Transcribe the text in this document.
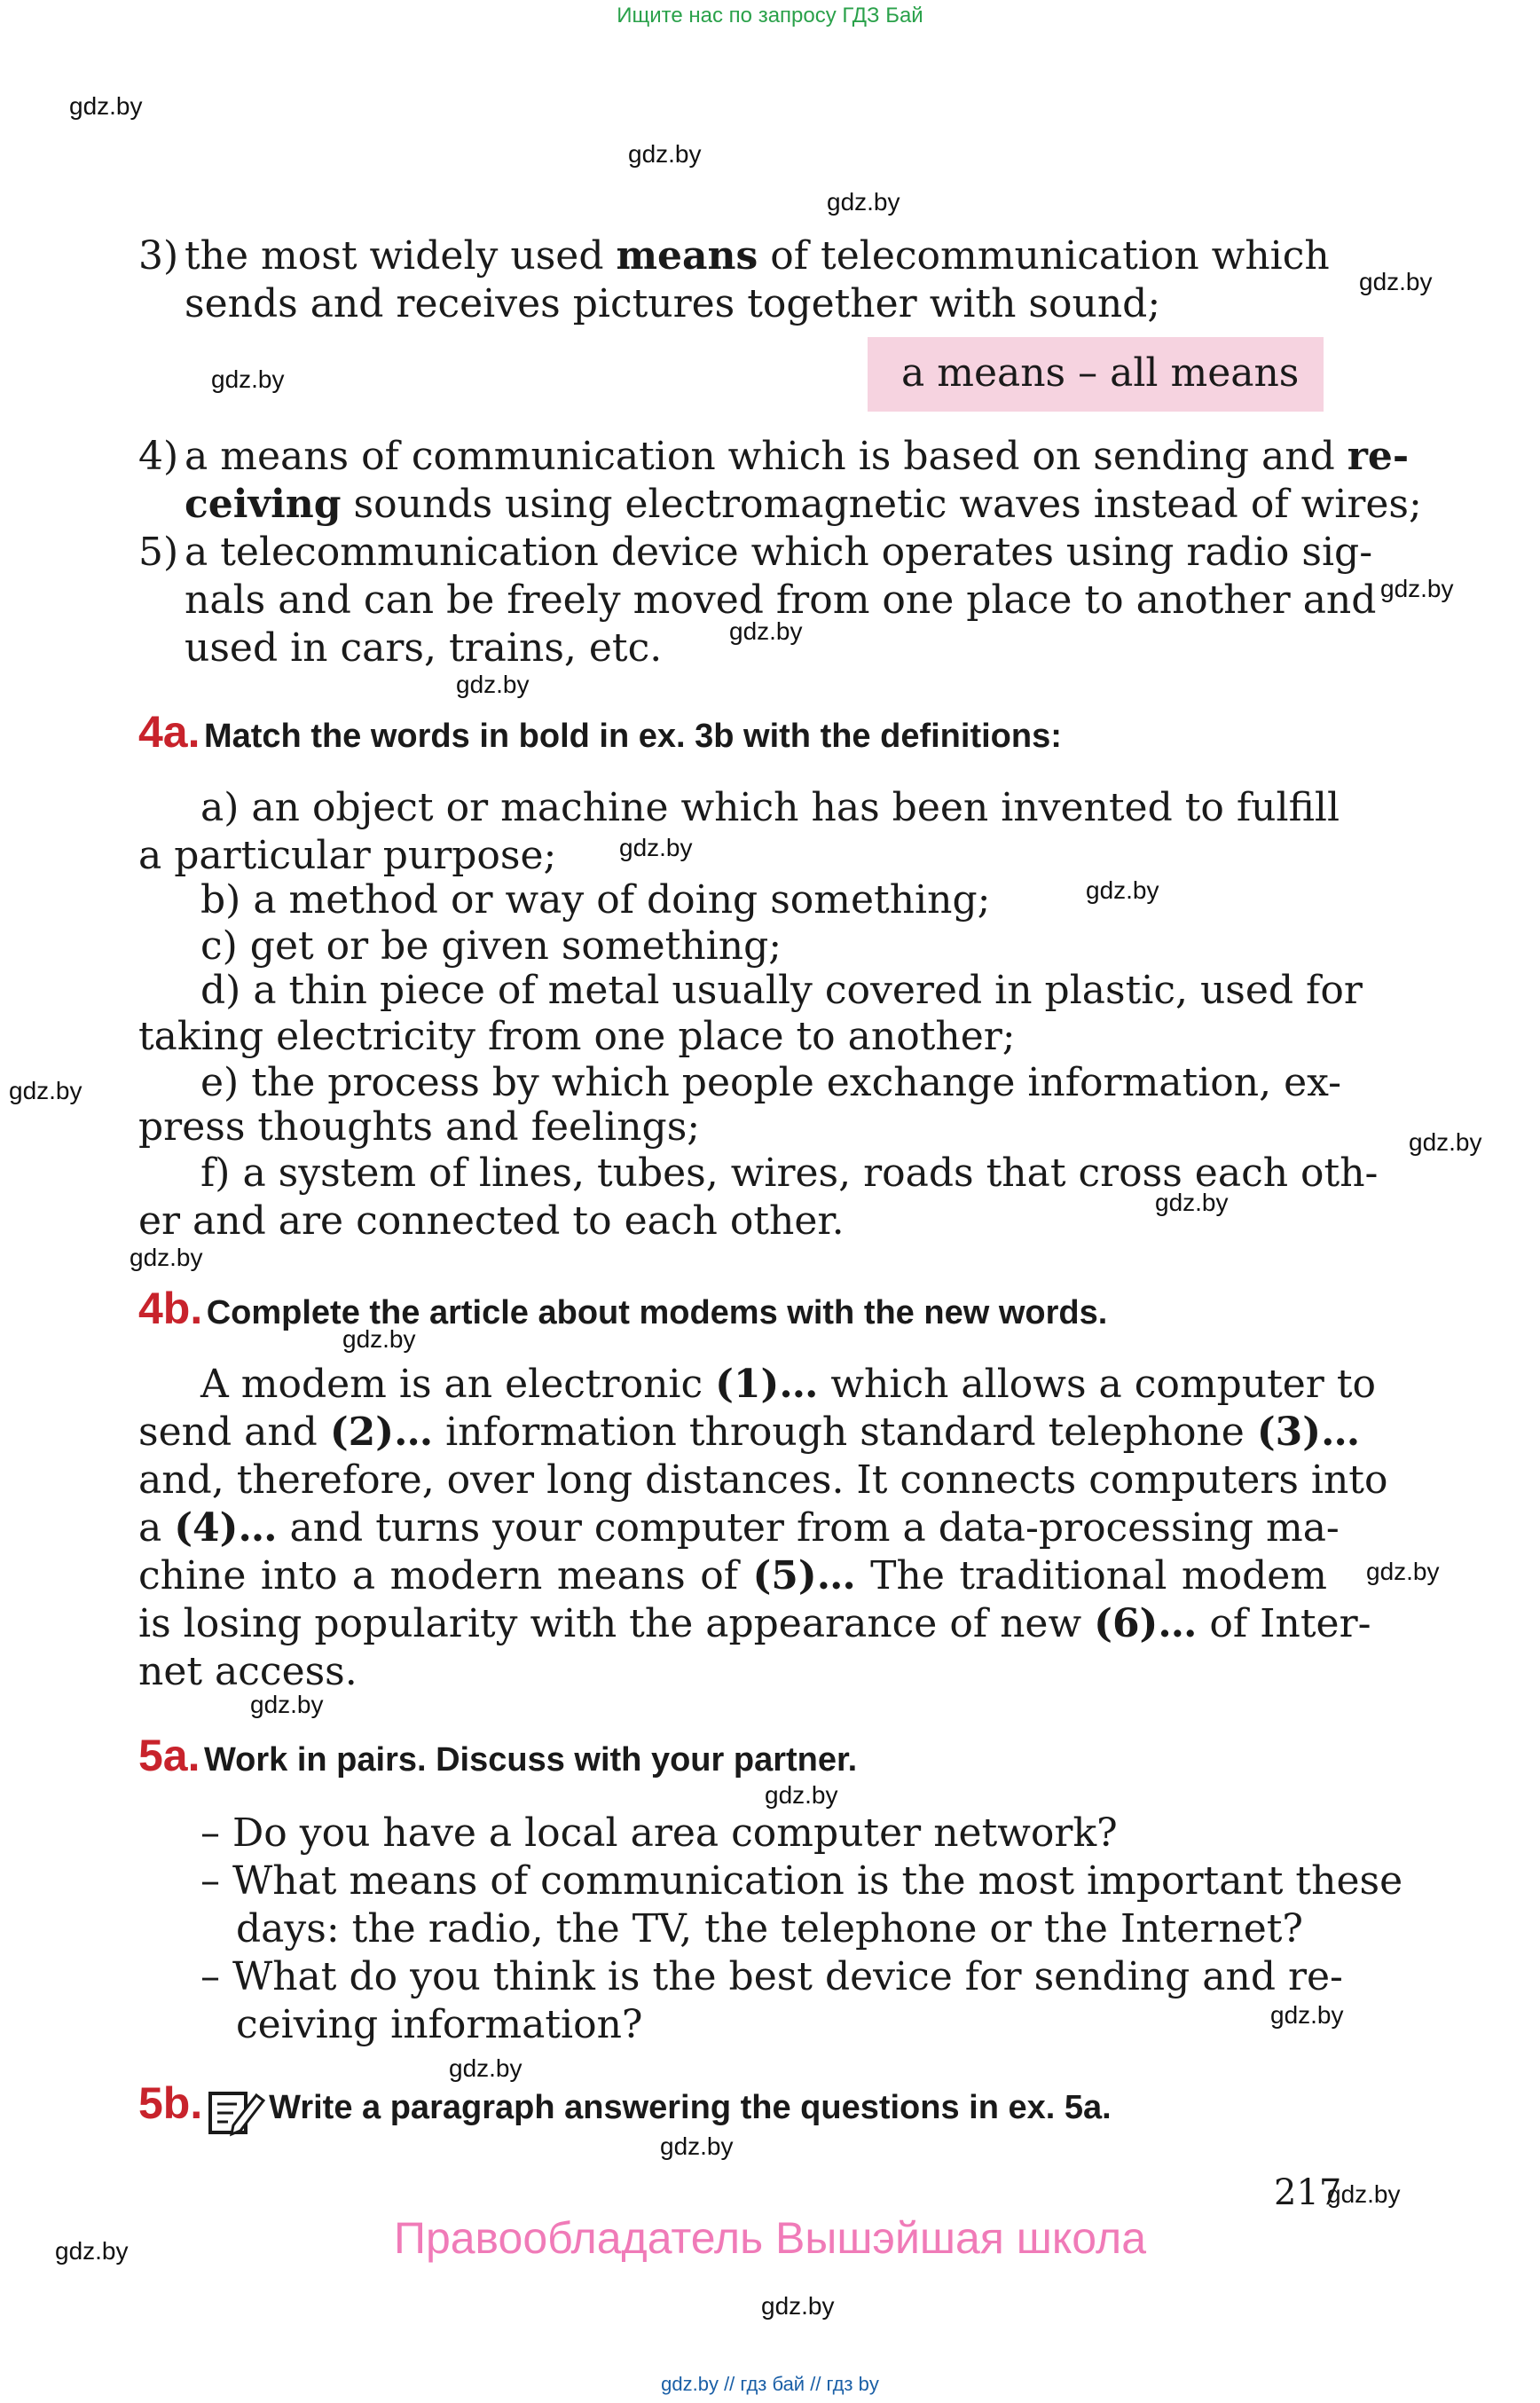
Ищите нас по запросу ГДЗ Бай
gdz.by
gdz.by
gdz.by
gdz.by
gdz.by
gdz.by
gdz.by
gdz.by
gdz.by
gdz.by
gdz.by
gdz.by
gdz.by
gdz.by
gdz.by
gdz.by
gdz.by
gdz.by
gdz.by
gdz.by
gdz.by
gdz.by
gdz.by
gdz.by
3) the most widely used means of telecommunication which
sends and receives pictures together with sound;
a means – all means
4) a means of communication which is based on sending and re-
ceiving sounds using electromagnetic waves instead of wires;
5) a telecommunication device which operates using radio sig-
nals and can be freely moved from one place to another and
used in cars, trains, etc.
4a. Match the words in bold in ex. 3b with the definitions:
a) an object or machine which has been invented to fulfill
a particular purpose;
b) a method or way of doing something;
c) get or be given something;
d) a thin piece of metal usually covered in plastic, used for
taking electricity from one place to another;
e) the process by which people exchange information, ex-
press thoughts and feelings;
f) a system of lines, tubes, wires, roads that cross each oth-
er and are connected to each other.
4b. Complete the article about modems with the new words.
A modem is an electronic (1)… which allows a computer to
send and (2)… information through standard telephone (3)…
and, therefore, over long distances. It connects computers into
a (4)… and turns your computer from a data-processing ma-
chine into a modern means of (5)… The traditional modem
is losing popularity with the appearance of new (6)… of Inter-
net access.
5a. Work in pairs. Discuss with your partner.
– Do you have a local area computer network?
– What means of communication is the most important these
days: the radio, the TV, the telephone or the Internet?
– What do you think is the best device for sending and re-
ceiving information?
5b. Write a paragraph answering the questions in ex. 5a.
217
Правообладатель Вышэйшая школа
gdz.by // гдз бай // гдз by
